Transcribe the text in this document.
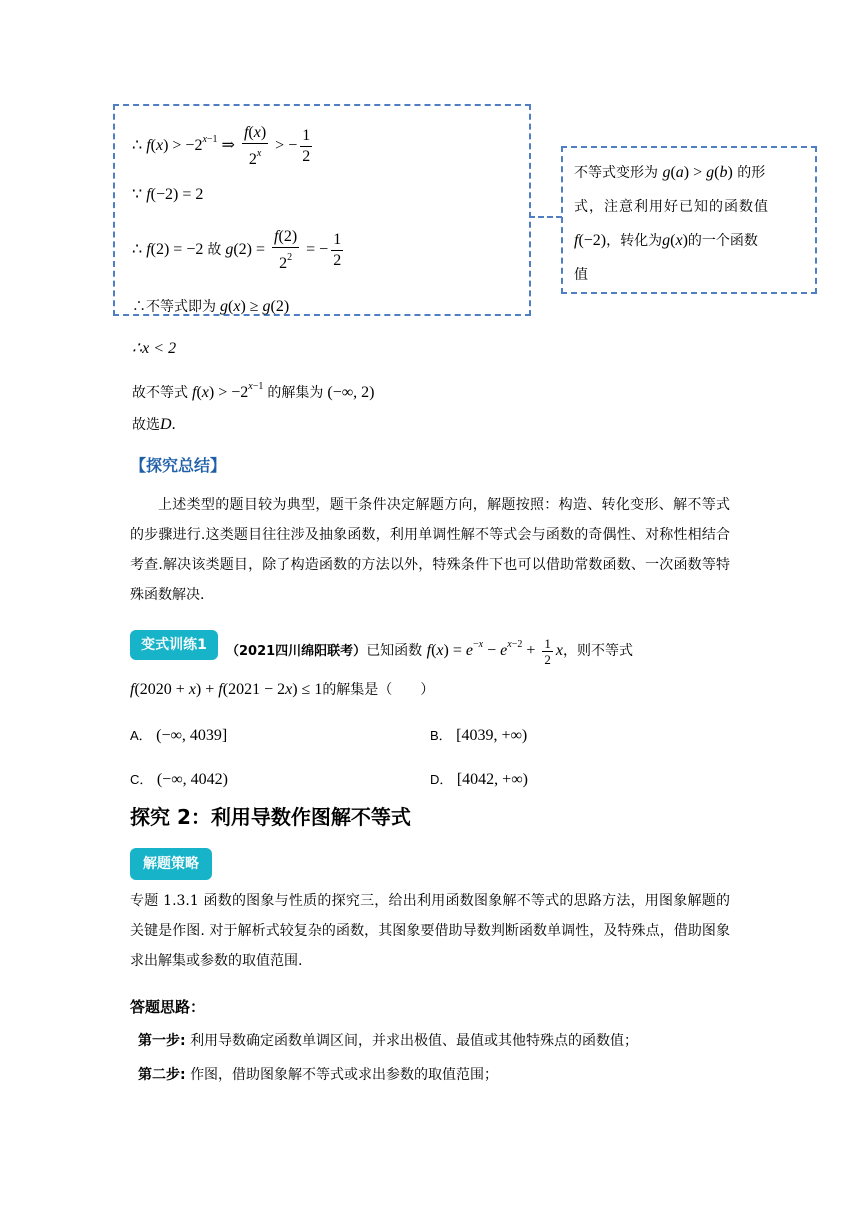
∴ $f(x) > -2^{x-1}$ ⇒ $\frac{f(x)}{2^x}$ > − $\frac{1}{2}$
∵ f(−2) = 2
∴ f(2) = −2 故 $g(2) = \frac{f(2)}{2^2}$ = − $\frac{1}{2}$
∴不等式即为 g(x) ≥ g(2)
∴x < 2
故不等式 $f(x) > -2^{x-1}$ 的解集为 (−∞, 2)
故选D.
不等式变形为 g(a) > g(b) 的形
式，注意利用好已知的函数值
f(−2)，转化为g(x)的一个函数
值
【探究总结】
上述类型的题目较为典型，题干条件决定解题方向，解题按照：构造、转化变形、解不等式的步骤进行.这类题目往往涉及抽象函数，利用单调性解不等式会与函数的奇偶性、对称性相结合考查.解决该类题目，除了构造函数的方法以外，特殊条件下也可以借助常数函数、一次函数等特殊函数解决.
变式训练1	（2021四川绵阳联考）已知函数 $f(x) = e^{-x} - e^{x-2} + \frac{1}{2}$ x，则不等式
f(2020 + x) + f(2021 − 2x) ≤ 1的解集是（　　）
A． (−∞, 4039]	B． [4039, +∞)
C． (−∞, 4042)	D． [4042, +∞)
探究 2：利用导数作图解不等式
解题策略
专题 1.3.1 函数的图象与性质的探究三，给出利用函数图象解不等式的思路方法，用图象解题的关键是作图. 对于解析式较复杂的函数，其图象要借助导数判断函数单调性，及特殊点，借助图象求出解集或参数的取值范围.
答题思路：
第一步: 利用导数确定函数单调区间，并求出极值、最值或其他特殊点的函数值；
第二步: 作图，借助图象解不等式或求出参数的取值范围；
